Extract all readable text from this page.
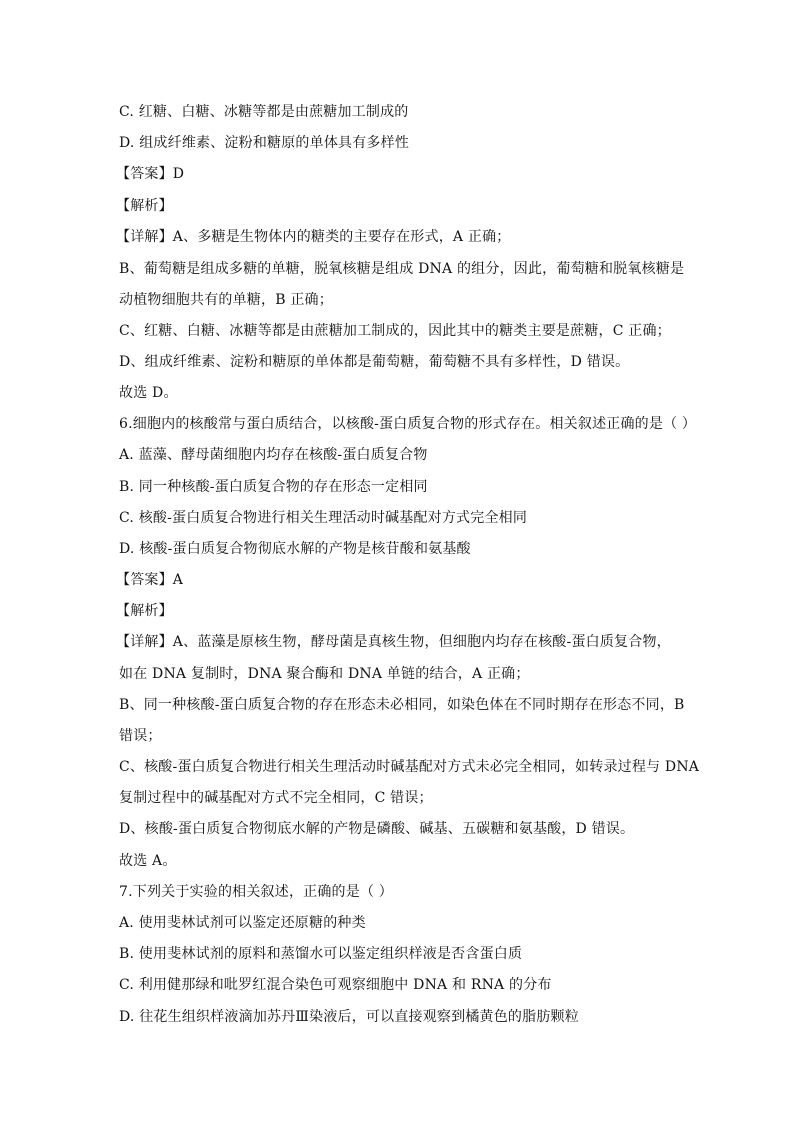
C. 红糖、白糖、冰糖等都是由蔗糖加工制成的
D. 组成纤维素、淀粉和糖原的单体具有多样性
【答案】D
【解析】
【详解】A、多糖是生物体内的糖类的主要存在形式，A 正确；
B、葡萄糖是组成多糖的单糖，脱氧核糖是组成 DNA 的组分，因此，葡萄糖和脱氧核糖是
动植物细胞共有的单糖，B 正确；
C、红糖、白糖、冰糖等都是由蔗糖加工制成的，因此其中的糖类主要是蔗糖，C 正确；
D、组成纤维素、淀粉和糖原的单体都是葡萄糖，葡萄糖不具有多样性，D 错误。
故选 D。
6.细胞内的核酸常与蛋白质结合，以核酸-蛋白质复合物的形式存在。相关叙述正确的是（ ）
A. 蓝藻、酵母菌细胞内均存在核酸-蛋白质复合物
B. 同一种核酸-蛋白质复合物的存在形态一定相同
C. 核酸-蛋白质复合物进行相关生理活动时碱基配对方式完全相同
D. 核酸-蛋白质复合物彻底水解的产物是核苷酸和氨基酸
【答案】A
【解析】
【详解】A、蓝藻是原核生物，酵母菌是真核生物，但细胞内均存在核酸-蛋白质复合物，
如在 DNA 复制时，DNA 聚合酶和 DNA 单链的结合，A 正确；
B、同一种核酸-蛋白质复合物的存在形态未必相同，如染色体在不同时期存在形态不同，B
错误；
C、核酸-蛋白质复合物进行相关生理活动时碱基配对方式未必完全相同，如转录过程与 DNA
复制过程中的碱基配对方式不完全相同，C 错误；
D、核酸-蛋白质复合物彻底水解的产物是磷酸、碱基、五碳糖和氨基酸，D 错误。
故选 A。
7.下列关于实验的相关叙述，正确的是（ ）
A. 使用斐林试剂可以鉴定还原糖的种类
B. 使用斐林试剂的原料和蒸馏水可以鉴定组织样液是否含蛋白质
C. 利用健那绿和吡罗红混合染色可观察细胞中 DNA 和 RNA 的分布
D. 往花生组织样液滴加苏丹Ⅲ染液后，可以直接观察到橘黄色的脂肪颗粒
